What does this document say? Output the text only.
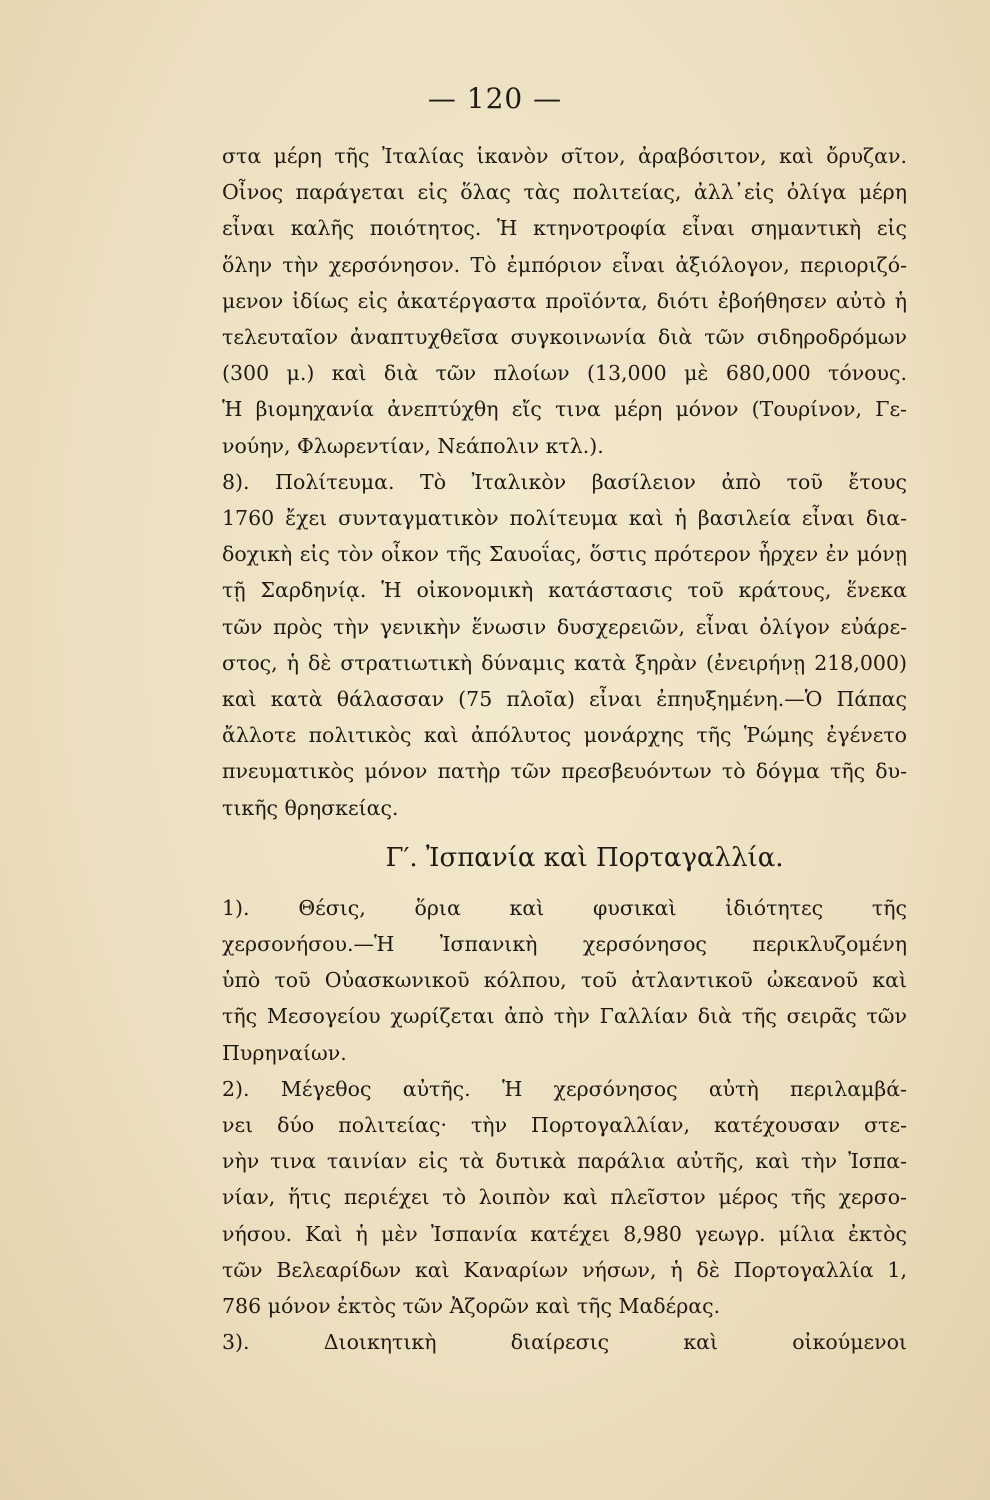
— 120 —
στα μέρη τῆς Ἰταλίας ἱκανὸν σῖτον, ἀραβόσιτον, καὶ ὄρυζαν.
Οἶνος παράγεται εἰς ὅλας τὰς πολιτείας, ἀλλ᾽εἰς ὀλίγα μέρη
εἶναι καλῆς ποιότητος. Ἡ κτηνοτροφία εἶναι σημαντικὴ εἰς
ὅλην τὴν χερσόνησον. Τὸ ἐμπόριον εἶναι ἀξιόλογον, περιοριζό-
μενον ἰδίως εἰς ἀκατέργαστα προϊόντα, διότι ἐβοήθησεν αὐτὸ ἡ
τελευταῖον ἀναπτυχθεῖσα συγκοινωνία διὰ τῶν σιδηροδρόμων
(300 μ.) καὶ διὰ τῶν πλοίων (13,000 μὲ 680,000 τόνους.
Ἡ βιομηχανία ἀνεπτύχθη εἴς τινα μέρη μόνον (Τουρίνον, Γε-
νούην, Φλωρεντίαν, Νεάπολιν κτλ.).
8). Πολίτευμα. Τὸ Ἰταλικὸν βασίλειον ἀπὸ τοῦ ἔτους
1760 ἔχει συνταγματικὸν πολίτευμα καὶ ἡ βασιλεία εἶναι δια-
δοχικὴ εἰς τὸν οἶκον τῆς Σαυοΐας, ὅστις πρότερον ἦρχεν ἐν μόνῃ
τῇ Σαρδηνίᾳ. Ἡ οἰκονομικὴ κατάστασις τοῦ κράτους, ἕνεκα
τῶν πρὸς τὴν γενικὴν ἕνωσιν δυσχερειῶν, εἶναι ὀλίγον εὐάρε-
στος, ἡ δὲ στρατιωτικὴ δύναμις κατὰ ξηρὰν (ἐνειρήνῃ 218,000)
καὶ κατὰ θάλασσαν (75 πλοῖα) εἶναι ἐπηυξημένη.—Ὁ Πάπας
ἄλλοτε πολιτικὸς καὶ ἀπόλυτος μονάρχης τῆς Ῥώμης ἐγένετο
πνευματικὸς μόνον πατὴρ τῶν πρεσβευόντων τὸ δόγμα τῆς δυ-
τικῆς θρησκείας.
Γ′. Ἰσπανία καὶ Πορταγαλλία.
1). Θέσις, ὅρια καὶ φυσικαὶ ἰδιότητες τῆς
χερσονήσου.—Ἡ Ἰσπανικὴ χερσόνησος περικλυζομένη
ὑπὸ τοῦ Οὐασκωνικοῦ κόλπου, τοῦ ἀτλαντικοῦ ὠκεανοῦ καὶ
τῆς Μεσογείου χωρίζεται ἀπὸ τὴν Γαλλίαν διὰ τῆς σειρᾶς τῶν
Πυρηναίων.
2). Μέγεθος αὐτῆς. Ἡ χερσόνησος αὐτὴ περιλαμβά-
νει δύο πολιτείας· τὴν Πορτογαλλίαν, κατέχουσαν στε-
νὴν τινα ταινίαν εἰς τὰ δυτικὰ παράλια αὐτῆς, καὶ τὴν Ἰσπα-
νίαν, ἥτις περιέχει τὸ λοιπὸν καὶ πλεῖστον μέρος τῆς χερσο-
νήσου. Καὶ ἡ μὲν Ἰσπανία κατέχει 8,980 γεωγρ. μίλια ἐκτὸς
τῶν Βελεαρίδων καὶ Καναρίων νήσων, ἡ δὲ Πορτογαλλία 1,
786 μόνον ἐκτὸς τῶν Ἀζορῶν καὶ τῆς Μαδέρας.
3). Διοικητικὴ διαίρεσις καὶ οἰκούμενοι
